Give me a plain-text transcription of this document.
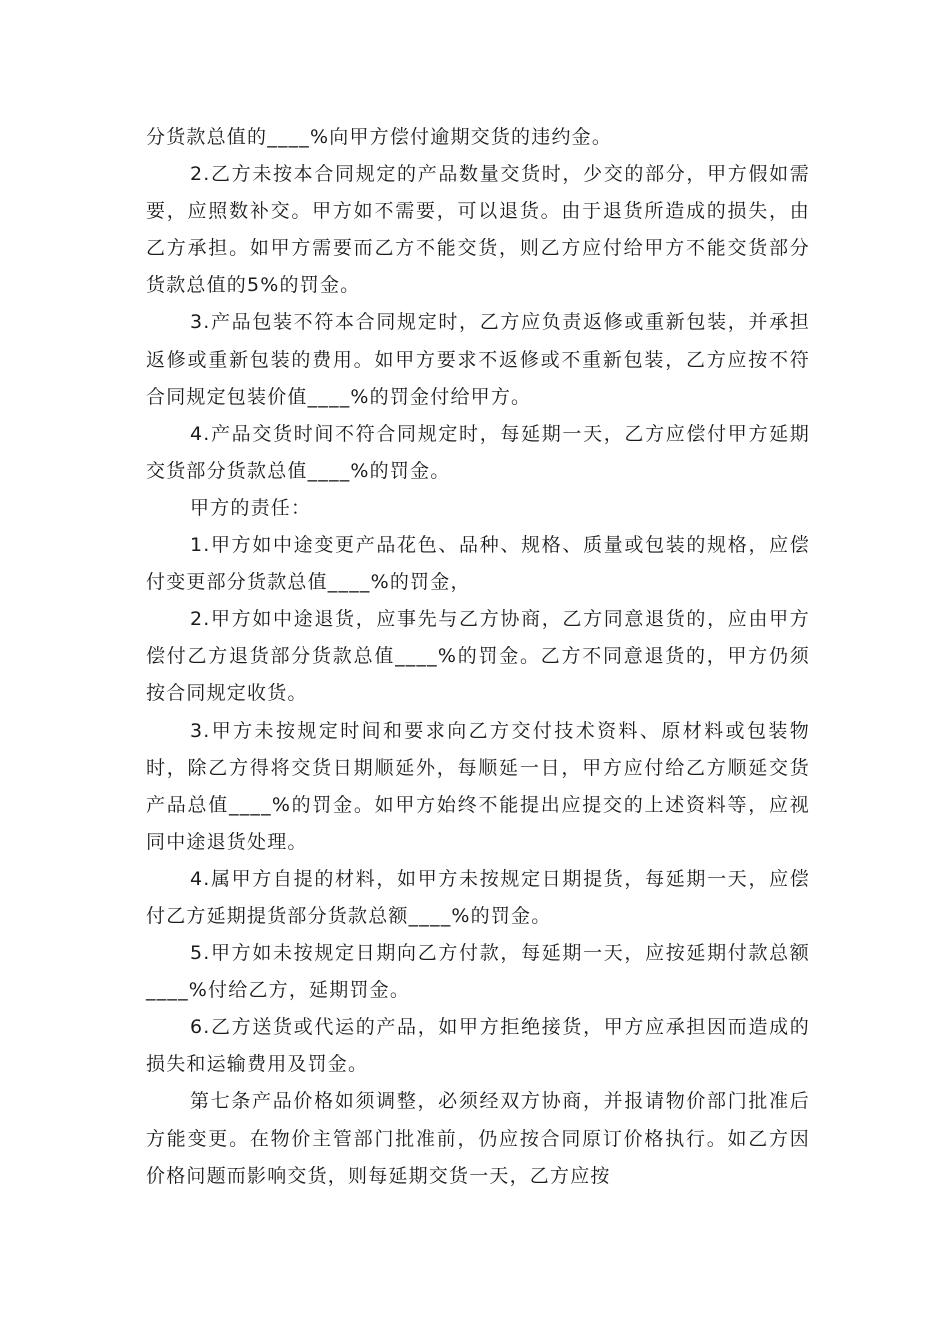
分货款总值的____%向甲方偿付逾期交货的违约金。

2.乙方未按本合同规定的产品数量交货时，少交的部分，甲方假如需要，应照数补交。甲方如不需要，可以退货。由于退货所造成的损失，由乙方承担。如甲方需要而乙方不能交货，则乙方应付给甲方不能交货部分货款总值的5%的罚金。

3.产品包装不符本合同规定时，乙方应负责返修或重新包装，并承担返修或重新包装的费用。如甲方要求不返修或不重新包装，乙方应按不符合同规定包装价值____%的罚金付给甲方。

4.产品交货时间不符合同规定时，每延期一天，乙方应偿付甲方延期交货部分货款总值____%的罚金。

甲方的责任：

1.甲方如中途变更产品花色、品种、规格、质量或包装的规格，应偿付变更部分货款总值____%的罚金，

2.甲方如中途退货，应事先与乙方协商，乙方同意退货的，应由甲方偿付乙方退货部分货款总值____%的罚金。乙方不同意退货的，甲方仍须按合同规定收货。

3.甲方未按规定时间和要求向乙方交付技术资料、原材料或包装物时，除乙方得将交货日期顺延外，每顺延一日，甲方应付给乙方顺延交货产品总值____%的罚金。如甲方始终不能提出应提交的上述资料等，应视同中途退货处理。

4.属甲方自提的材料，如甲方未按规定日期提货，每延期一天，应偿付乙方延期提货部分货款总额____%的罚金。

5.甲方如未按规定日期向乙方付款，每延期一天，应按延期付款总额____%付给乙方，延期罚金。

6.乙方送货或代运的产品，如甲方拒绝接货，甲方应承担因而造成的损失和运输费用及罚金。

第七条产品价格如须调整，必须经双方协商，并报请物价部门批准后方能变更。在物价主管部门批准前，仍应按合同原订价格执行。如乙方因价格问题而影响交货，则每延期交货一天，乙方应按
